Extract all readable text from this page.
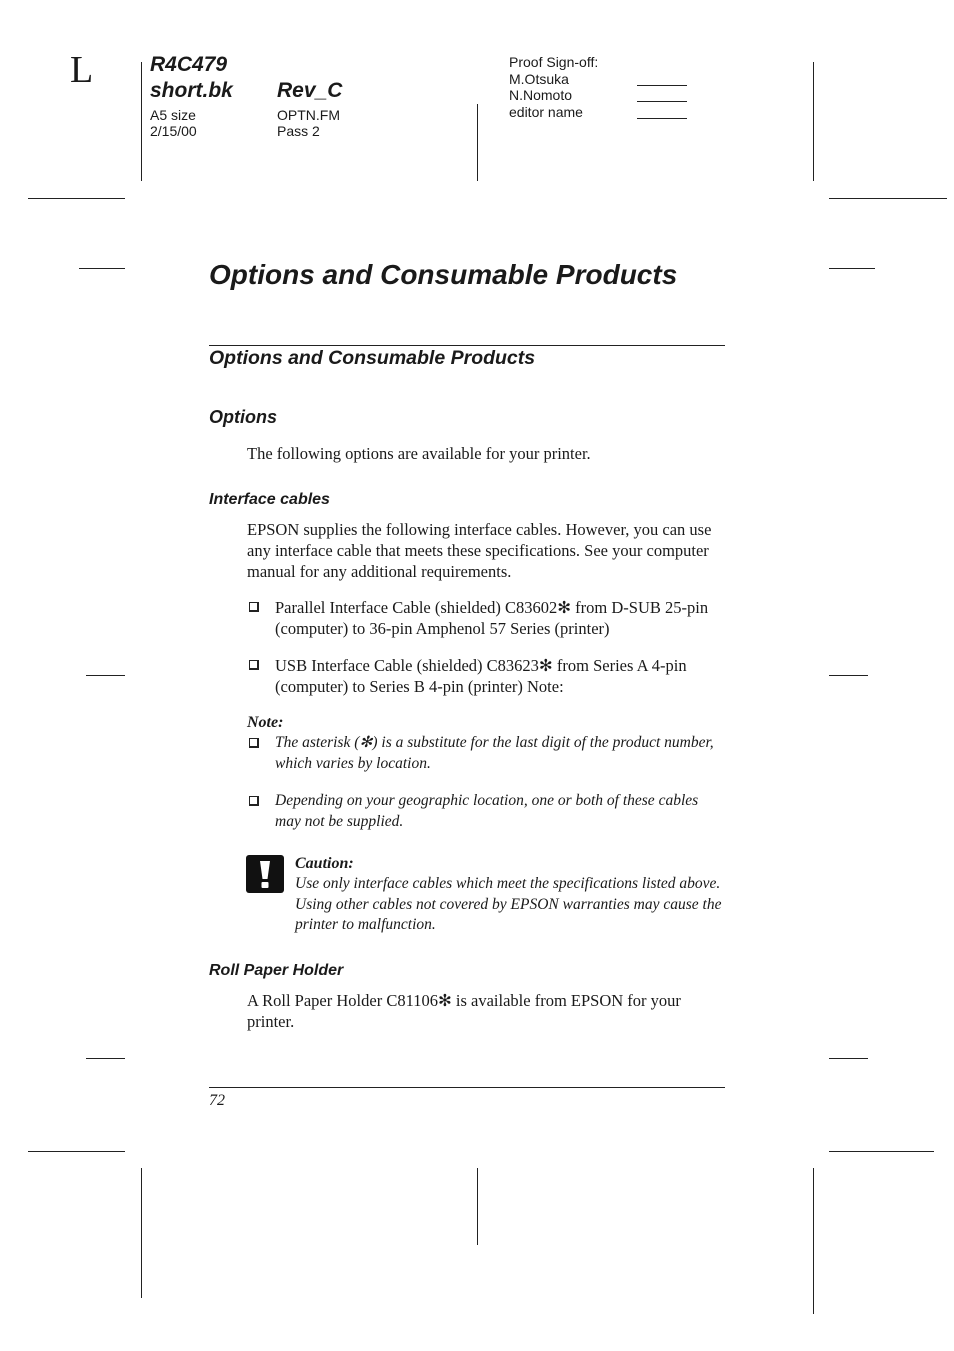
L	R4C479
short.bk Rev_C
A5 size
2/15/00
OPTN.FM
Pass 2
Proof Sign-off:
M.Otsuka
N.Nomoto
editor name
Options and Consumable Products
Options and Consumable Products
Options
The following options are available for your printer.
Interface cables
EPSON supplies the following interface cables. However, you can use any interface cable that meets these specifications. See your computer manual for any additional requirements.
Parallel Interface Cable (shielded) C83602✻ from D-SUB 25-pin (computer) to 36-pin Amphenol 57 Series (printer)
USB Interface Cable (shielded) C83623✻ from Series A 4-pin (computer) to Series B 4-pin (printer) Note:
Note:
The asterisk (✻) is a substitute for the last digit of the product number, which varies by location.
Depending on your geographic location, one or both of these cables may not be supplied.
Caution:
Use only interface cables which meet the specifications listed above. Using other cables not covered by EPSON warranties may cause the printer to malfunction.
Roll Paper Holder
A Roll Paper Holder C81106✻ is available from EPSON for your printer.
72
